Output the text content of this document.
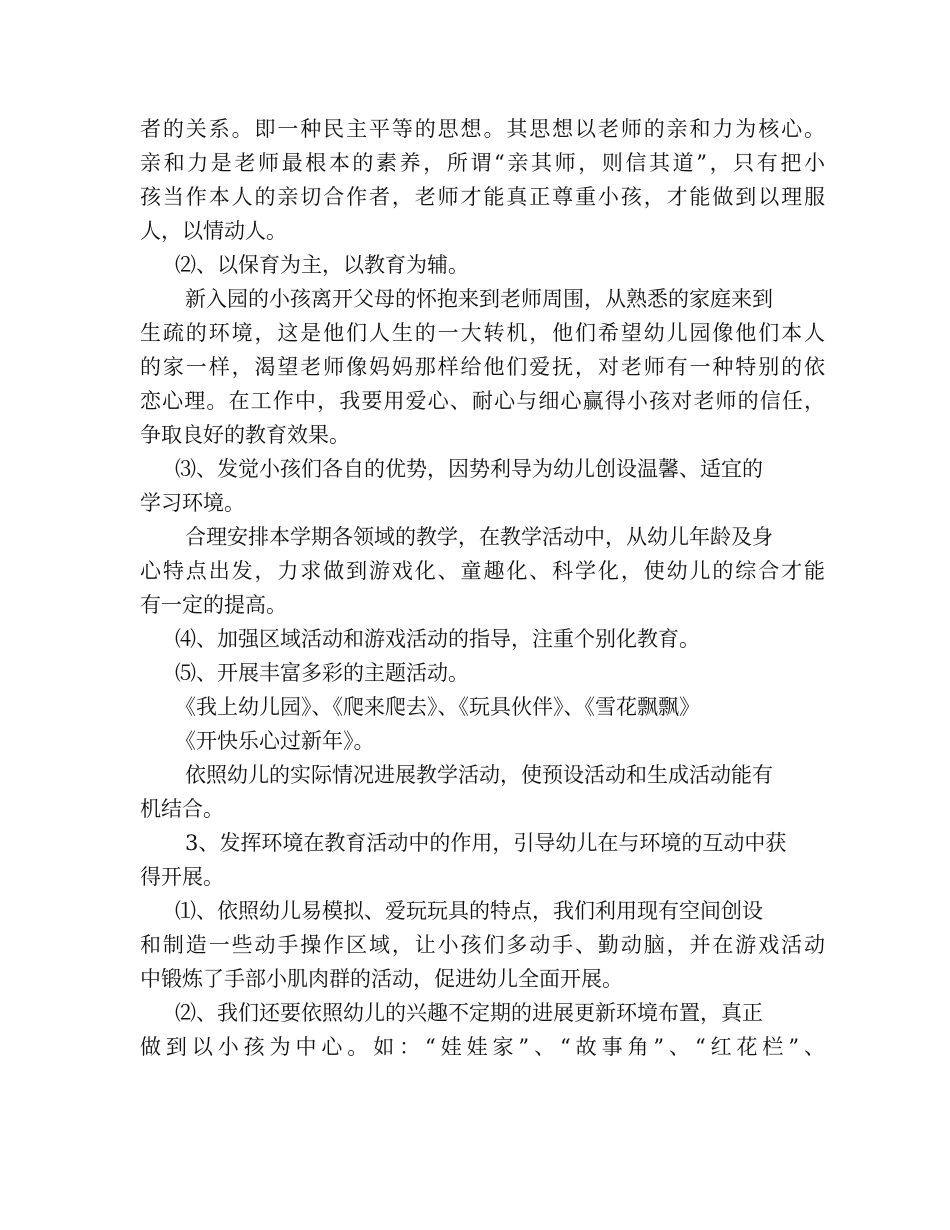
者的关系。即一种民主平等的思想。其思想以老师的亲和力为核心。
亲和力是老师最根本的素养，所谓“亲其师，则信其道”，只有把小
孩当作本人的亲切合作者，老师才能真正尊重小孩，才能做到以理服
人，以情动人。
⑵、以保育为主，以教育为辅。
新入园的小孩离开父母的怀抱来到老师周围，从熟悉的家庭来到
生疏的环境，这是他们人生的一大转机，他们希望幼儿园像他们本人
的家一样，渴望老师像妈妈那样给他们爱抚，对老师有一种特别的依
恋心理。在工作中，我要用爱心、耐心与细心赢得小孩对老师的信任，
争取良好的教育效果。
⑶、发觉小孩们各自的优势，因势利导为幼儿创设温馨、适宜的
学习环境。
合理安排本学期各领域的教学，在教学活动中，从幼儿年龄及身
心特点出发，力求做到游戏化、童趣化、科学化，使幼儿的综合才能
有一定的提高。
⑷、加强区域活动和游戏活动的指导，注重个别化教育。
⑸、开展丰富多彩的主题活动。
《我上幼儿园》、《爬来爬去》、《玩具伙伴》、《雪花飘飘》
《开快乐心过新年》。
依照幼儿的实际情况进展教学活动，使预设活动和生成活动能有
机结合。
3、发挥环境在教育活动中的作用，引导幼儿在与环境的互动中获
得开展。
⑴、依照幼儿易模拟、爱玩玩具的特点，我们利用现有空间创设
和制造一些动手操作区域，让小孩们多动手、勤动脑，并在游戏活动
中锻炼了手部小肌肉群的活动，促进幼儿全面开展。
⑵、我们还要依照幼儿的兴趣不定期的进展更新环境布置，真正
做到以小孩为中心。如：“娃娃家”、“故事角”、“红花栏”、
